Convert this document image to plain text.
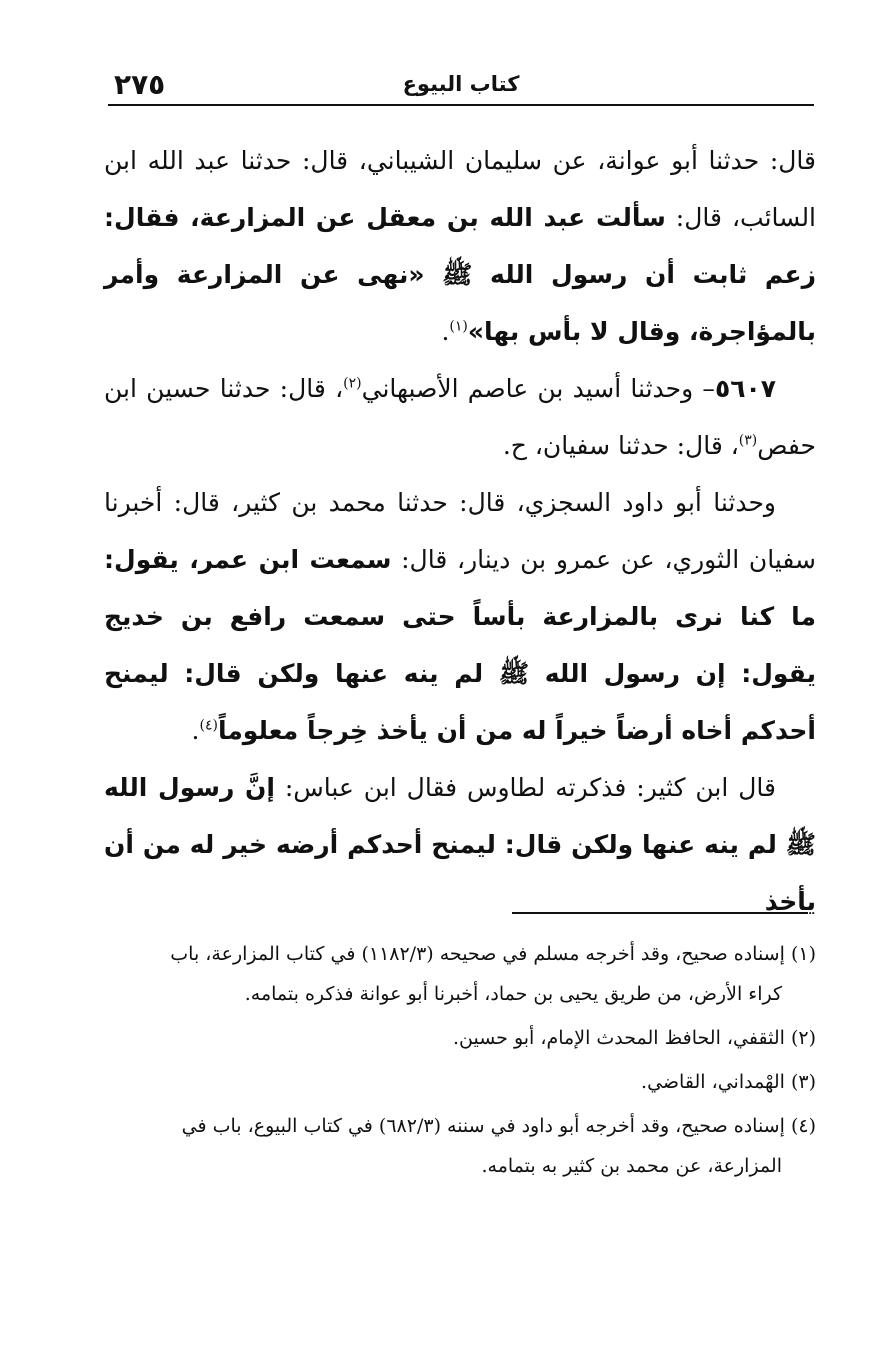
٢٧٥	كتاب البيوع

قال: حدثنا أبو عوانة، عن سليمان الشيباني، قال: حدثنا عبد الله ابن السائب، قال: سألت عبد الله بن معقل عن المزارعة، فقال: زعم ثابت أن رسول الله ﷺ «نهى عن المزارعة وأمر بالمؤاجرة، وقال لا بأس بها»$^{(١)}$.

٥٦٠٧– وحدثنا أسيد بن عاصم الأصبهاني$^{(٢)}$، قال: حدثنا حسين ابن حفص$^{(٣)}$، قال: حدثنا سفيان، ح.

وحدثنا أبو داود السجزي، قال: حدثنا محمد بن كثير، قال: أخبرنا سفيان الثوري، عن عمرو بن دينار، قال: سمعت ابن عمر، يقول: ما كنا نرى بالمزارعة بأساً حتى سمعت رافع بن خديج يقول: إن رسول الله ﷺ لم ينه عنها ولكن قال: ليمنح أحدكم أخاه أرضاً خيراً له من أن يأخذ خِرجاً معلوماً$^{(٤)}$.

قال ابن كثير: فذكرته لطاوس فقال ابن عباس: إنَّ رسول الله ﷺ لم ينه عنها ولكن قال: ليمنح أحدكم أرضه خير له من أن يأخذ

(١) إسناده صحيح، وقد أخرجه مسلم في صحيحه (١١٨٢/٣) في كتاب المزارعة، باب
كراء الأرض، من طريق يحيى بن حماد، أخبرنا أبو عوانة فذكره بتمامه.

(٢) الثقفي، الحافظ المحدث الإمام، أبو حسين.

(٣) الهْمداني، القاضي.

(٤) إسناده صحيح، وقد أخرجه أبو داود في سننه (٦٨٢/٣) في كتاب البيوع، باب في
المزارعة، عن محمد بن كثير به بتمامه.
